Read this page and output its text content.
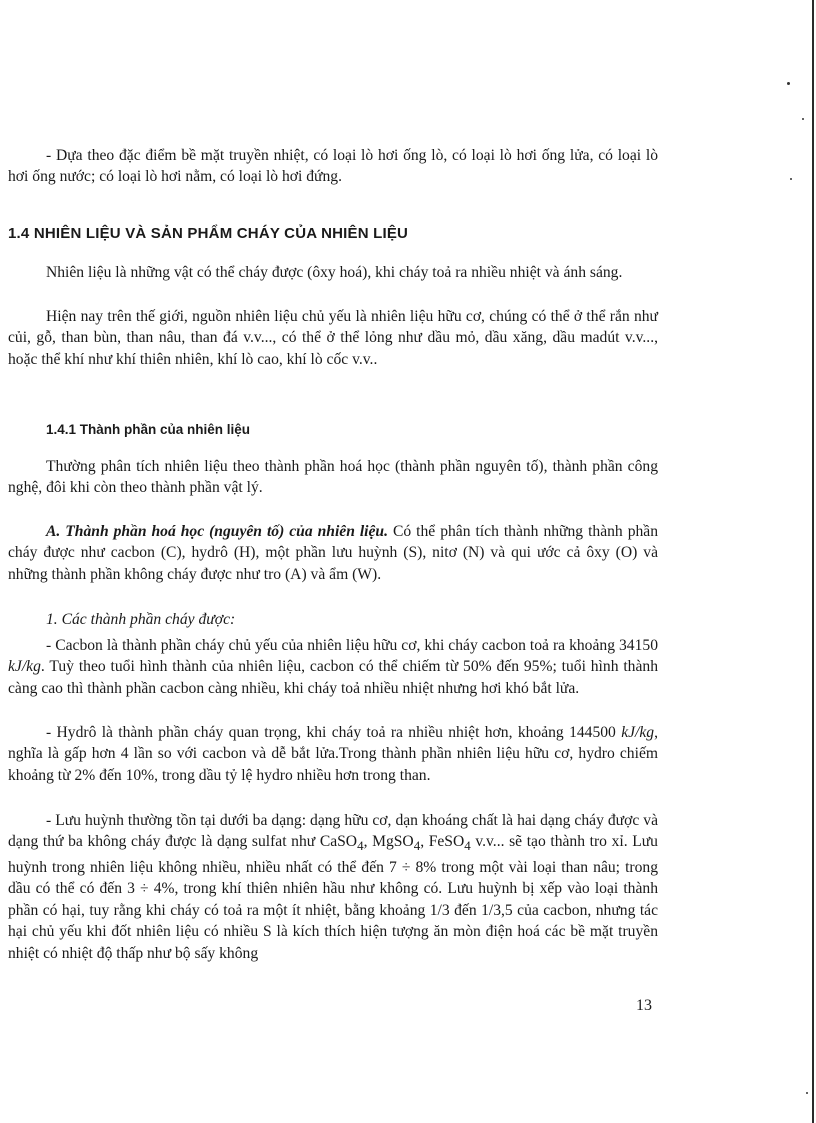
- Dựa theo đặc điểm bề mặt truyền nhiệt, có loại lò hơi ống lò, có loại lò hơi ống lửa, có loại lò hơi ống nước; có loại lò hơi nằm, có loại lò hơi đứng.

1.4 NHIÊN LIỆU VÀ SẢN PHẨM CHÁY CỦA NHIÊN LIỆU

Nhiên liệu là những vật có thể cháy được (ôxy hoá), khi cháy toả ra nhiều nhiệt và ánh sáng.

Hiện nay trên thế giới, nguồn nhiên liệu chủ yếu là nhiên liệu hữu cơ, chúng có thể ở thể rắn như củi, gỗ, than bùn, than nâu, than đá v.v..., có thể ở thể lỏng như dầu mỏ, dầu xăng, dầu madút v.v..., hoặc thể khí như khí thiên nhiên, khí lò cao, khí lò cốc v.v..

1.4.1 Thành phần của nhiên liệu

Thường phân tích nhiên liệu theo thành phần hoá học (thành phần nguyên tố), thành phần công nghệ, đôi khi còn theo thành phần vật lý.

A. Thành phần hoá học (nguyên tố) của nhiên liệu. Có thể phân tích thành những thành phần cháy được như cacbon (C), hydrô (H), một phần lưu huỳnh (S), nitơ (N) và qui ước cả ôxy (O) và những thành phần không cháy được như tro (A) và ẩm (W).

1. Các thành phần cháy được:

- Cacbon là thành phần cháy chủ yếu của nhiên liệu hữu cơ, khi cháy cacbon toả ra khoảng 34150 kJ/kg. Tuỳ theo tuổi hình thành của nhiên liệu, cacbon có thể chiếm từ 50% đến 95%; tuổi hình thành càng cao thì thành phần cacbon càng nhiều, khi cháy toả nhiều nhiệt nhưng hơi khó bắt lửa.

- Hydrô là thành phần cháy quan trọng, khi cháy toả ra nhiều nhiệt hơn, khoảng 144500 kJ/kg, nghĩa là gấp hơn 4 lần so với cacbon và dễ bắt lửa.Trong thành phần nhiên liệu hữu cơ, hydro chiếm khoảng từ 2% đến 10%, trong dầu tỷ lệ hydro nhiều hơn trong than.

- Lưu huỳnh thường tồn tại dưới ba dạng: dạng hữu cơ, dạn khoáng chất là hai dạng cháy được và dạng thứ ba không cháy được là dạng sulfat như CaSO$_4$, MgSO$_4$, FeSO$_4$ v.v... sẽ tạo thành tro xỉ. Lưu huỳnh trong nhiên liệu không nhiều, nhiều nhất có thể đến 7 ÷ 8% trong một vài loại than nâu; trong dầu có thể có đến 3 ÷ 4%, trong khí thiên nhiên hầu như không có. Lưu huỳnh bị xếp vào loại thành phần có hại, tuy rằng khi cháy có toả ra một ít nhiệt, bằng khoảng 1/3 đến 1/3,5 của cacbon, nhưng tác hại chủ yếu khi đốt nhiên liệu có nhiều S là kích thích hiện tượng ăn mòn điện hoá các bề mặt truyền nhiệt có nhiệt độ thấp như bộ sấy không

13
